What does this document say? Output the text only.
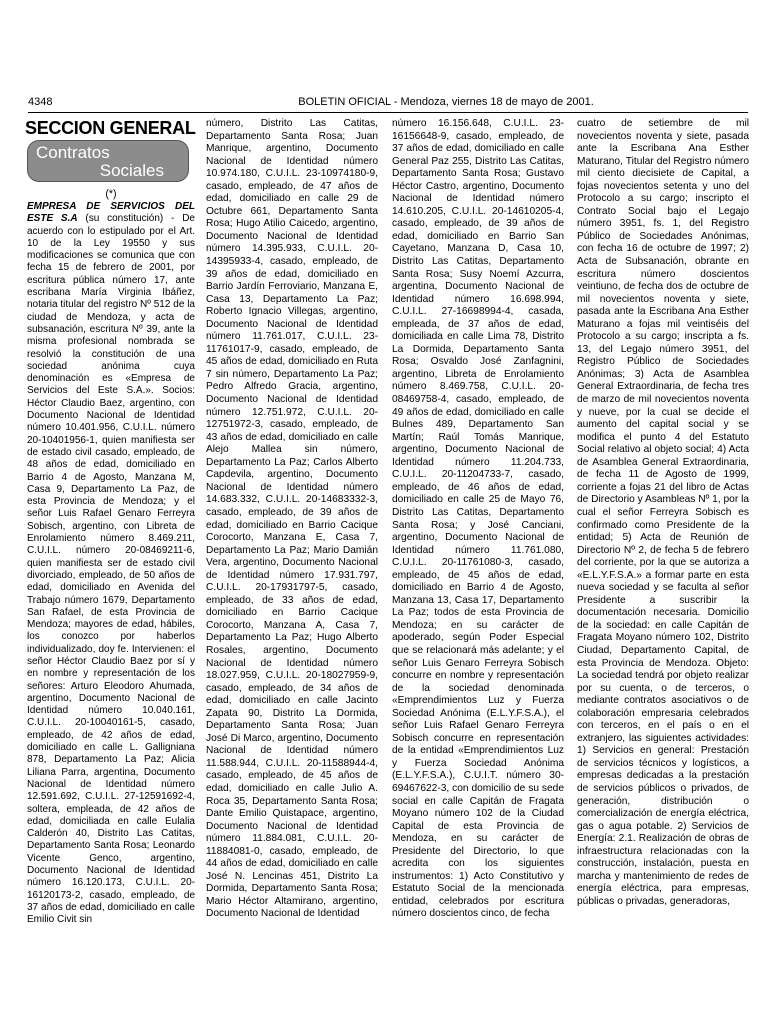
4348	BOLETIN OFICIAL - Mendoza, viernes 18 de mayo de 2001.
SECCION GENERAL
Contratos
Sociales
(*)

EMPRESA DE SERVICIOS DEL ESTE S.A (su constitución) - De acuerdo con lo estipulado por el Art. 10 de la Ley 19550 y sus modificaciones se comunica que con fecha 15 de febrero de 2001, por escritura pública número 17, ante escribana María Virginia Ibáñez, notaria titular del registro Nº 512 de la ciudad de Mendoza, y acta de subsanación, escritura Nº 39, ante la misma profesional nombrada se resolvió la constitución de una sociedad anónima cuya denominación es «Empresa de Servicios del Este S.A.». Socios: Héctor Claudio Baez, argentino, con Documento Nacional de Identidad número 10.401.956, C.U.I.L. número 20-10401956-1, quien manifiesta ser de estado civil casado, empleado, de 48 años de edad, domiciliado en Barrio 4 de Agosto, Manzana M, Casa 9, Departamento La Paz, de esta Provincia de Mendoza; y el señor Luis Rafael Genaro Ferreyra Sobisch, argentino, con Libreta de Enrolamiento número 8.469.211, C.U.I.L. número 20-08469211-6, quien manifiesta ser de estado civil divorciado, empleado, de 50 años de edad, domiciliado en Avenida del Trabajo número 1679, Departamento San Rafael, de esta Provincia de Mendoza; mayores de edad, hábiles, los conozco por haberlos individualizado, doy fe. Intervienen: el señor Héctor Claudio Baez por sí y en nombre y representación de los señores: Arturo Eleodoro Ahumada, argentino, Documento Nacional de Identidad número 10.040.161, C.U.I.L. 20-10040161-5, casado, empleado, de 42 años de edad, domiciliado en calle L. Galligniana 878, Departamento La Paz; Alicia Liliana Parra, argentina, Documento Nacional de Identidad número 12.591.692, C.U.I.L. 27-12591692-4, soltera, empleada, de 42 años de edad, domiciliada en calle Eulalia Calderón 40, Distrito Las Catitas, Departamento Santa Rosa; Leonardo Vicente Genco, argentino, Documento Nacional de Identidad número 16.120.173, C.U.I.L. 20-16120173-2, casado, empleado, de 37 años de edad, domiciliado en calle Emilio Civit sin

número, Distrito Las Catitas, Departamento Santa Rosa; Juan Manrique, argentino, Documento Nacional de Identidad número 10.974.180, C.U.I.L. 23-10974180-9, casado, empleado, de 47 años de edad, domiciliado en calle 29 de Octubre 661, Departamento Santa Rosa; Hugo Atilio Caicedo, argentino, Documento Nacional de Identidad número 14.395.933, C.U.I.L. 20-14395933-4, casado, empleado, de 39 años de edad, domiciliado en Barrio Jardín Ferroviario, Manzana E, Casa 13, Departamento La Paz; Roberto Ignacio Villegas, argentino, Documento Nacional de Identidad número 11.761.017, C.U.I.L. 23-11761017-9, casado, empleado, de 45 años de edad, domiciliado en Ruta 7 sin número, Departamento La Paz; Pedro Alfredo Gracia, argentino, Documento Nacional de Identidad número 12.751.972, C.U.I.L. 20-12751972-3, casado, empleado, de 43 años de edad, domiciliado en calle Alejo Mallea sin número, Departamento La Paz; Carlos Alberto Capdevila, argentino, Documento Nacional de Identidad número 14.683.332, C.U.I.L. 20-14683332-3, casado, empleado, de 39 años de edad, domiciliado en Barrio Cacique Corocorto, Manzana E, Casa 7, Departamento La Paz; Mario Damián Vera, argentino, Documento Nacional de Identidad número 17.931.797, C.U.I.L. 20-17931797-5, casado, empleado, de 33 años de edad, domiciliado en Barrio Cacique Corocorto, Manzana A, Casa 7, Departamento La Paz; Hugo Alberto Rosales, argentino, Documento Nacional de Identidad número 18.027.959, C.U.I.L. 20-18027959-9, casado, empleado, de 34 años de edad, domiciliado en calle Jacinto Zapata 90, Distrito La Dormida, Departamento Santa Rosa; Juan José Di Marco, argentino, Documento Nacional de Identidad número 11.588.944, C.U.I.L. 20-11588944-4, casado, empleado, de 45 años de edad, domiciliado en calle Julio A. Roca 35, Departamento Santa Rosa; Dante Emilio Quistapace, argentino, Documento Nacional de Identidad número 11.884.081, C.U.I.L. 20-11884081-0, casado, empleado, de 44 años de edad, domiciliado en calle José N. Lencinas 451, Distrito La Dormida, Departamento Santa Rosa; Mario Héctor Altamirano, argentino, Documento Nacional de Identidad

número 16.156.648, C.U.I.L. 23-16156648-9, casado, empleado, de 37 años de edad, domiciliado en calle General Paz 255, Distrito Las Catitas, Departamento Santa Rosa; Gustavo Héctor Castro, argentino, Documento Nacional de Identidad número 14.610.205, C.U.I.L. 20-14610205-4, casado, empleado, de 39 años de edad, domiciliado en Barrio San Cayetano, Manzana D, Casa 10, Distrito Las Catitas, Departamento Santa Rosa; Susy Noemí Azcurra, argentina, Documento Nacional de Identidad número 16.698.994, C.U.I.L. 27-16698994-4, casada, empleada, de 37 años de edad, domiciliada en calle Lima 78, Distrito La Dormida, Departamento Santa Rosa; Osvaldo José Zanfagnini, argentino, Libreta de Enrolamiento número 8.469.758, C.U.I.L. 20-08469758-4, casado, empleado, de 49 años de edad, domiciliado en calle Bulnes 489, Departamento San Martín; Raúl Tomás Manrique, argentino, Documento Nacional de Identidad número 11.204.733, C.U.I.L. 20-11204733-7, casado, empleado, de 46 años de edad, domiciliado en calle 25 de Mayo 76, Distrito Las Catitas, Departamento Santa Rosa; y José Canciani, argentino, Documento Nacional de Identidad número 11.761.080, C.U.I.L. 20-11761080-3, casado, empleado, de 45 años de edad, domiciliado en Barrio 4 de Agosto, Manzana 13, Casa 17, Departamento La Paz; todos de esta Provincia de Mendoza; en su carácter de apoderado, según Poder Especial que se relacionará más adelante; y el señor Luis Genaro Ferreyra Sobisch concurre en nombre y representación de la sociedad denominada «Emprendimientos Luz y Fuerza Sociedad Anónima (E.L.Y.F.S.A.), el señor Luis Rafael Genaro Ferreyra Sobisch concurre en representación de la entidad «Emprendimientos Luz y Fuerza Sociedad Anónima (E.L.Y.F.S.A.), C.U.I.T. número 30-69467622-3, con domicilio de su sede social en calle Capitán de Fragata Moyano número 102 de la Ciudad Capital de esta Provincia de Mendoza, en su carácter de Presidente del Directorio, lo que acredita con los siguientes instrumentos: 1) Acto Constitutivo y Estatuto Social de la mencionada entidad, celebrados por escritura número doscientos cinco, de fecha

cuatro de setiembre de mil novecientos noventa y siete, pasada ante la Escribana Ana Esther Maturano, Titular del Registro número mil ciento diecisiete de Capital, a fojas novecientos setenta y uno del Protocolo a su cargo; inscripto el Contrato Social bajo el Legajo número 3951, fs. 1, del Registro Público de Sociedades Anónimas, con fecha 16 de octubre de 1997; 2) Acta de Subsanación, obrante en escritura número doscientos veintiuno, de fecha dos de octubre de mil novecientos noventa y siete, pasada ante la Escribana Ana Esther Maturano a fojas mil veintiséis del Protocolo a su cargo; inscripta a fs. 13, del Legajo número 3951, del Registro Público de Sociedades Anónimas; 3) Acta de Asamblea General Extraordinaria, de fecha tres de marzo de mil novecientos noventa y nueve, por la cual se decide el aumento del capital social y se modifica el punto 4 del Estatuto Social relativo al objeto social; 4) Acta de Asamblea General Extraordinaria, de fecha 11 de Agosto de 1999, corriente a fojas 21 del libro de Actas de Directorio y Asambleas Nº 1, por la cual el señor Ferreyra Sobisch es confirmado como Presidente de la entidad; 5) Acta de Reunión de Directorio Nº 2, de fecha 5 de febrero del corriente, por la que se autoriza a «E.L.Y.F.S.A.» a formar parte en esta nueva sociedad y se faculta al señor Presidente a suscribir la documentación necesaria. Domicilio de la sociedad: en calle Capitán de Fragata Moyano número 102, Distrito Ciudad, Departamento Capital, de esta Provincia de Mendoza. Objeto: La sociedad tendrá por objeto realizar por su cuenta, o de terceros, o mediante contratos asociativos o de colaboración empresaria celebrados con terceros, en el país o en el extranjero, las siguientes actividades: 1) Servicios en general: Prestación de servicios técnicos y logísticos, a empresas dedicadas a la prestación de servicios públicos o privados, de generación, distribución o comercialización de energía eléctrica, gas o agua potable. 2) Servicios de Energía: 2.1. Realización de obras de infraestructura relacionadas con la construcción, instalación, puesta en marcha y mantenimiento de redes de energía eléctrica, para empresas, públicas o privadas, generadoras,
